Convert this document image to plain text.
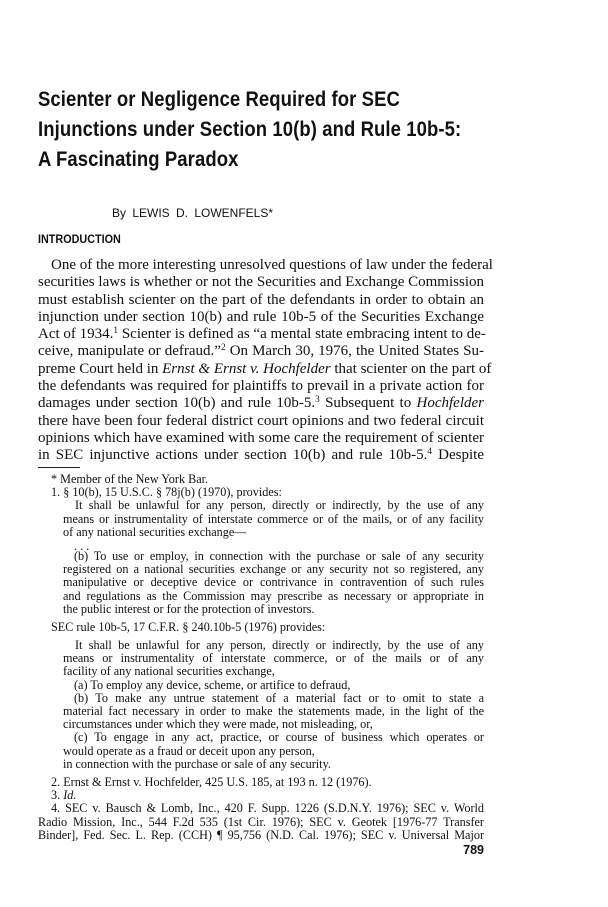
Scienter or Negligence Required for SEC
Injunctions under Section 10(b) and Rule 10b-5:
A Fascinating Paradox
By LEWIS D. LOWENFELS*
INTRODUCTION
One of the more interesting unresolved questions of law under the federal
securities laws is whether or not the Securities and Exchange Commission
must establish scienter on the part of the defendants in order to obtain an
injunction under section 10(b) and rule 10b-5 of the Securities Exchange
Act of 1934.$^1$ Scienter is defined as “a mental state embracing intent to de-
ceive, manipulate or defraud.”$^2$ On March 30, 1976, the United States Su-
preme Court held in Ernst & Ernst v. Hochfelder that scienter on the part of
the defendants was required for plaintiffs to prevail in a private action for
damages under section 10(b) and rule 10b-5.$^3$ Subsequent to Hochfelder
there have been four federal district court opinions and two federal circuit
opinions which have examined with some care the requirement of scienter
in SEC injunctive actions under section 10(b) and rule 10b-5.$^4$ Despite
* Member of the New York Bar.
1. § 10(b), 15 U.S.C. § 78j(b) (1970), provides:
It shall be unlawful for any person, directly or indirectly, by the use of any
means or instrumentality of interstate commerce or of the mails, or of any facility
of any national securities exchange—
. . .
(b) To use or employ, in connection with the purchase or sale of any security
registered on a national securities exchange or any security not so registered, any
manipulative or deceptive device or contrivance in contravention of such rules
and regulations as the Commission may prescribe as necessary or appropriate in
the public interest or for the protection of investors.
SEC rule 10b-5, 17 C.F.R. § 240.10b-5 (1976) provides:
It shall be unlawful for any person, directly or indirectly, by the use of any
means or instrumentality of interstate commerce, or of the mails or of any
facility of any national securities exchange,
(a) To employ any device, scheme, or artifice to defraud,
(b) To make any untrue statement of a material fact or to omit to state a
material fact necessary in order to make the statements made, in the light of the
circumstances under which they were made, not misleading, or,
(c) To engage in any act, practice, or course of business which operates or
would operate as a fraud or deceit upon any person,
in connection with the purchase or sale of any security.
2. Ernst & Ernst v. Hochfelder, 425 U.S. 185, at 193 n. 12 (1976).
3. Id.
4. SEC v. Bausch & Lomb, Inc., 420 F. Supp. 1226 (S.D.N.Y. 1976); SEC v. World
Radio Mission, Inc., 544 F.2d 535 (1st Cir. 1976); SEC v. Geotek [1976-77 Transfer
Binder], Fed. Sec. L. Rep. (CCH) ¶ 95,756 (N.D. Cal. 1976); SEC v. Universal Major
789
